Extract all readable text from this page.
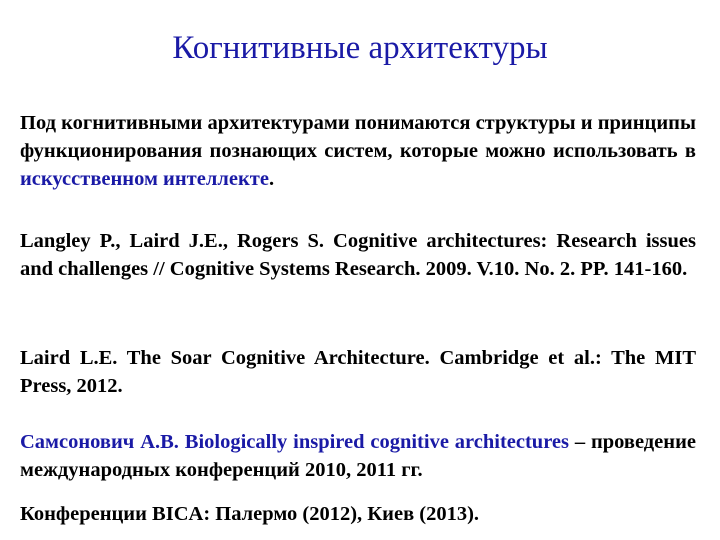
Когнитивные архитектуры

Под когнитивными архитектурами понимаются структуры и принципы функционирования познающих систем, которые можно использовать в искусственном интеллекте.

Langley P., Laird J.E., Rogers S. Cognitive architectures: Research issues and challenges // Cognitive Systems Research. 2009. V.10. No. 2. PP. 141-160.

Laird L.E. The Soar Cognitive Architecture. Cambridge et al.: The MIT Press, 2012.

Самсонович А.В. Biologically inspired cognitive architectures – проведение международных конференций 2010, 2011 гг.

Конференции BICA: Палермо (2012), Киев (2013).
